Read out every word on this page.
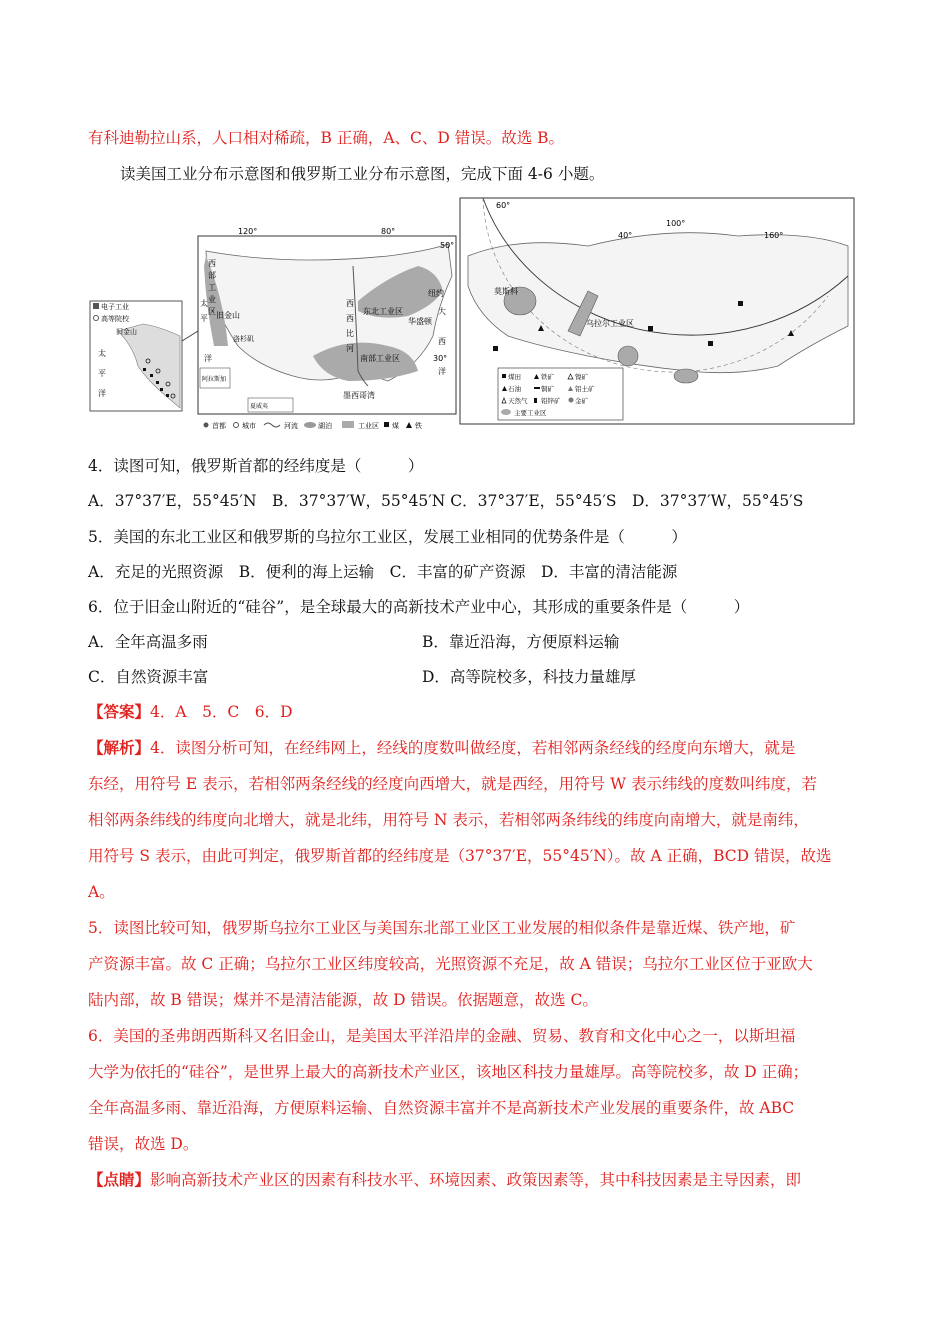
有科迪勒拉山系，人口相对稀疏，B 正确，A、C、D 错误。故选 B。
读美国工业分布示意图和俄罗斯工业分布示意图，完成下面 4-6 小题。
电子工业
高等院校
旧金山
太
平
洋
120°	80°
50°
30°
西
部
工
业
区
太
平
洋
旧金山
洛杉矶
东北工业区
华盛顿
纽约
大
西
洋
南部工业区
墨西哥湾
西
西
比
河
阿拉斯加
夏威夷
首都 城市	河流	湖泊	工业区 煤 铁
60°
40°
100°
160°
莫斯科
乌拉尔工业区
煤田	铁矿	镍矿
石油	铜矿	铝土矿
天然气 铅锌矿 金矿
主要工业区
4．读图可知，俄罗斯首都的经纬度是（　　　）
A．37°37′E，55°45′N　B．37°37′W，55°45′N C．37°37′E，55°45′S　D．37°37′W，55°45′S
5．美国的东北工业区和俄罗斯的乌拉尔工业区，发展工业相同的优势条件是（　　　）
A．充足的光照资源　B．便利的海上运输　C．丰富的矿产资源　D．丰富的清洁能源
6．位于旧金山附近的“硅谷”，是全球最大的高新技术产业中心，其形成的重要条件是（　　　）
A．全年高温多雨	B．靠近沿海，方便原料运输
C．自然资源丰富	D．高等院校多，科技力量雄厚
【答案】4．A　5．C　6．D
【解析】4．读图分析可知，在经纬网上，经线的度数叫做经度，若相邻两条经线的经度向东增大，就是
东经，用符号 E 表示，若相邻两条经线的经度向西增大，就是西经，用符号 W 表示纬线的度数叫纬度，若
相邻两条纬线的纬度向北增大，就是北纬，用符号 N 表示，若相邻两条纬线的纬度向南增大，就是南纬，
用符号 S 表示，由此可判定，俄罗斯首都的经纬度是（37°37′E，55°45′N）。故 A 正确，BCD 错误，故选
A。
5．读图比较可知，俄罗斯乌拉尔工业区与美国东北部工业区工业发展的相似条件是靠近煤、铁产地，矿
产资源丰富。故 C 正确；乌拉尔工业区纬度较高，光照资源不充足，故 A 错误；乌拉尔工业区位于亚欧大
陆内部，故 B 错误；煤并不是清洁能源，故 D 错误。依据题意，故选 C。
6．美国的圣弗朗西斯科又名旧金山，是美国太平洋沿岸的金融、贸易、教育和文化中心之一，以斯坦福
大学为依托的“硅谷”，是世界上最大的高新技术产业区，该地区科技力量雄厚。高等院校多，故 D 正确；
全年高温多雨、靠近沿海，方便原料运输、自然资源丰富并不是高新技术产业发展的重要条件，故 ABC
错误，故选 D。
【点睛】影响高新技术产业区的因素有科技水平、环境因素、政策因素等，其中科技因素是主导因素，即
